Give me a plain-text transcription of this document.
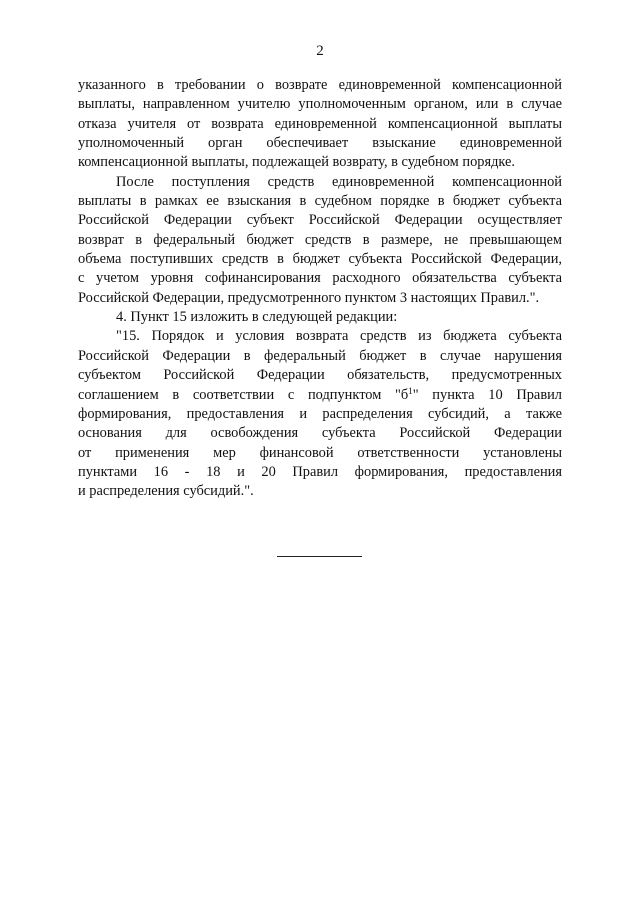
2
указанного в требовании о возврате единовременной компенсационной
выплаты, направленном учителю уполномоченным органом, или в случае
отказа учителя от возврата единовременной компенсационной выплаты
уполномоченный орган обеспечивает взыскание единовременной
компенсационной выплаты, подлежащей возврату, в судебном порядке.
После поступления средств единовременной компенсационной
выплаты в рамках ее взыскания в судебном порядке в бюджет субъекта
Российской Федерации субъект Российской Федерации осуществляет
возврат в федеральный бюджет средств в размере, не превышающем
объема поступивших средств в бюджет субъекта Российской Федерации,
с учетом уровня софинансирования расходного обязательства субъекта
Российской Федерации, предусмотренного пунктом 3 настоящих Правил.".
4. Пункт 15 изложить в следующей редакции:
"15. Порядок и условия возврата средств из бюджета субъекта
Российской Федерации в федеральный бюджет в случае нарушения
субъектом Российской Федерации обязательств, предусмотренных
соглашением в соответствии с подпунктом "$б^1$" пункта 10 Правил
формирования, предоставления и распределения субсидий, а также
основания для освобождения субъекта Российской Федерации
от применения мер финансовой ответственности установлены
пунктами 16 - 18 и 20 Правил формирования, предоставления
и распределения субсидий.".
